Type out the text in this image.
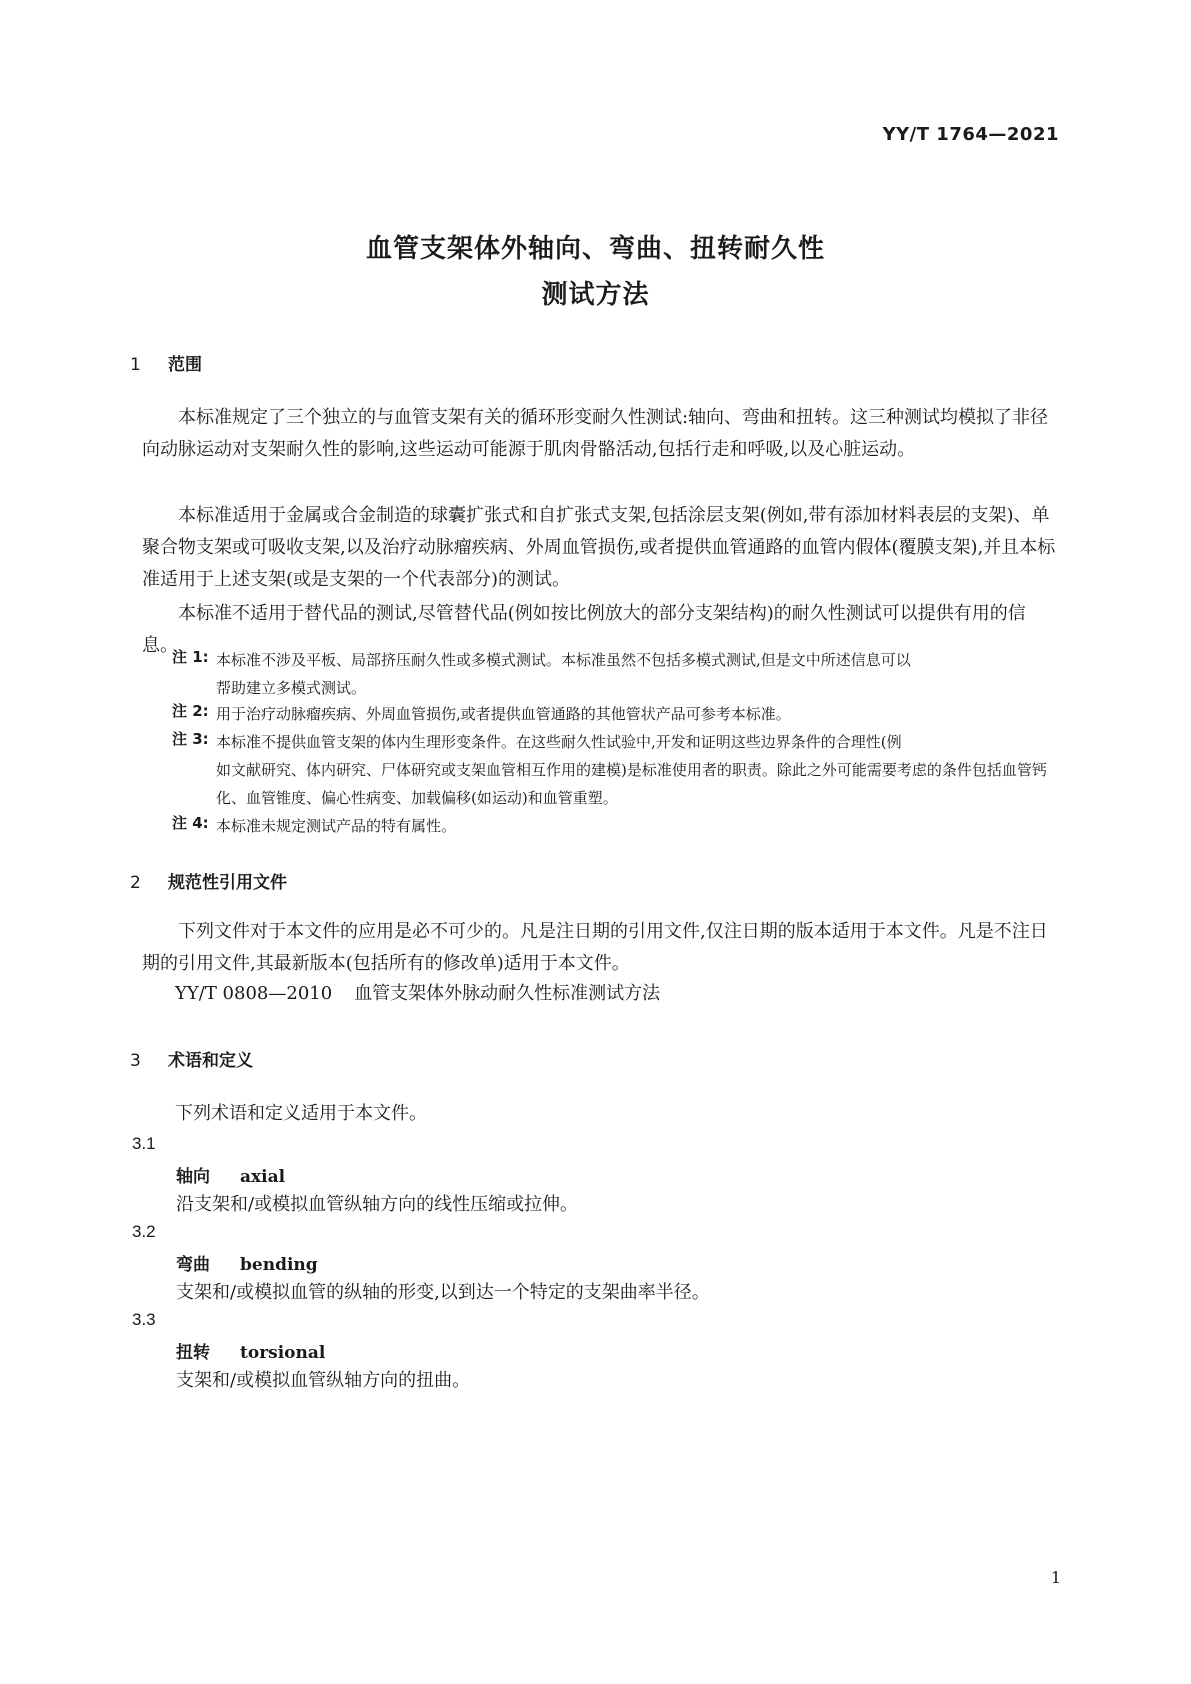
YY/T 1764—2021
血管支架体外轴向、弯曲、扭转耐久性
测试方法
1 范围

本标准规定了三个独立的与血管支架有关的循环形变耐久性测试:轴向、弯曲和扭转。这三种测试均模拟了非径向动脉运动对支架耐久性的影响,这些运动可能源于肌肉骨骼活动,包括行走和呼吸,以及心脏运动。

本标准适用于金属或合金制造的球囊扩张式和自扩张式支架,包括涂层支架(例如,带有添加材料表层的支架)、单聚合物支架或可吸收支架,以及治疗动脉瘤疾病、外周血管损伤,或者提供血管通路的血管内假体(覆膜支架),并且本标准适用于上述支架(或是支架的一个代表部分)的测试。

本标准不适用于替代品的测试,尽管替代品(例如按比例放大的部分支架结构)的耐久性测试可以提供有用的信息。

注 1: 本标准不涉及平板、局部挤压耐久性或多模式测试。本标准虽然不包括多模式测试,但是文中所述信息可以
帮助建立多模式测试。
注 2: 用于治疗动脉瘤疾病、外周血管损伤,或者提供血管通路的其他管状产品可参考本标准。
注 3: 本标准不提供血管支架的体内生理形变条件。在这些耐久性试验中,开发和证明这些边界条件的合理性(例
如文献研究、体内研究、尸体研究或支架血管相互作用的建模)是标准使用者的职责。除此之外可能需要考虑的条件包括血管钙化、血管锥度、偏心性病变、加载偏移(如运动)和血管重塑。
注 4: 本标准未规定测试产品的特有属性。
2 规范性引用文件

下列文件对于本文件的应用是必不可少的。凡是注日期的引用文件,仅注日期的版本适用于本文件。凡是不注日期的引用文件,其最新版本(包括所有的修改单)适用于本文件。

YY/T 0808—2010 血管支架体外脉动耐久性标准测试方法
3 术语和定义
下列术语和定义适用于本文件。
3.1
轴向 axial
沿支架和/或模拟血管纵轴方向的线性压缩或拉伸。
3.2
弯曲 bending
支架和/或模拟血管的纵轴的形变,以到达一个特定的支架曲率半径。
3.3
扭转 torsional
支架和/或模拟血管纵轴方向的扭曲。
1
